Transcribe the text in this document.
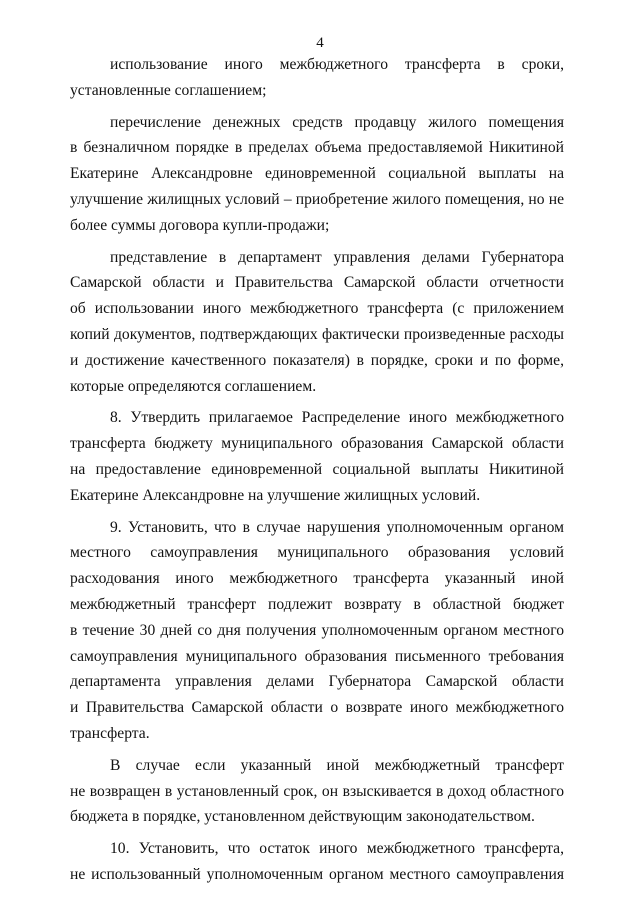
4
использование иного межбюджетного трансферта в сроки,
установленные соглашением;
перечисление денежных средств продавцу жилого помещения
в безналичном порядке в пределах объема предоставляемой Никитиной
Екатерине Александровне единовременной социальной выплаты на
улучшение жилищных условий – приобретение жилого помещения, но не
более суммы договора купли-продажи;
представление в департамент управления делами Губернатора
Самарской области и Правительства Самарской области отчетности
об использовании иного межбюджетного трансферта (с приложением
копий документов, подтверждающих фактически произведенные расходы
и достижение качественного показателя) в порядке, сроки и по форме,
которые определяются соглашением.
8. Утвердить прилагаемое Распределение иного межбюджетного
трансферта бюджету муниципального образования Самарской области
на предоставление единовременной социальной выплаты Никитиной
Екатерине Александровне на улучшение жилищных условий.
9. Установить, что в случае нарушения уполномоченным органом
местного самоуправления муниципального образования условий
расходования иного межбюджетного трансферта указанный иной
межбюджетный трансферт подлежит возврату в областной бюджет
в течение 30 дней со дня получения уполномоченным органом местного
самоуправления муниципального образования письменного требования
департамента управления делами Губернатора Самарской области
и Правительства Самарской области о возврате иного межбюджетного
трансферта.
В случае если указанный иной межбюджетный трансферт
не возвращен в установленный срок, он взыскивается в доход областного
бюджета в порядке, установленном действующим законодательством.
10. Установить, что остаток иного межбюджетного трансферта,
не использованный уполномоченным органом местного самоуправления
